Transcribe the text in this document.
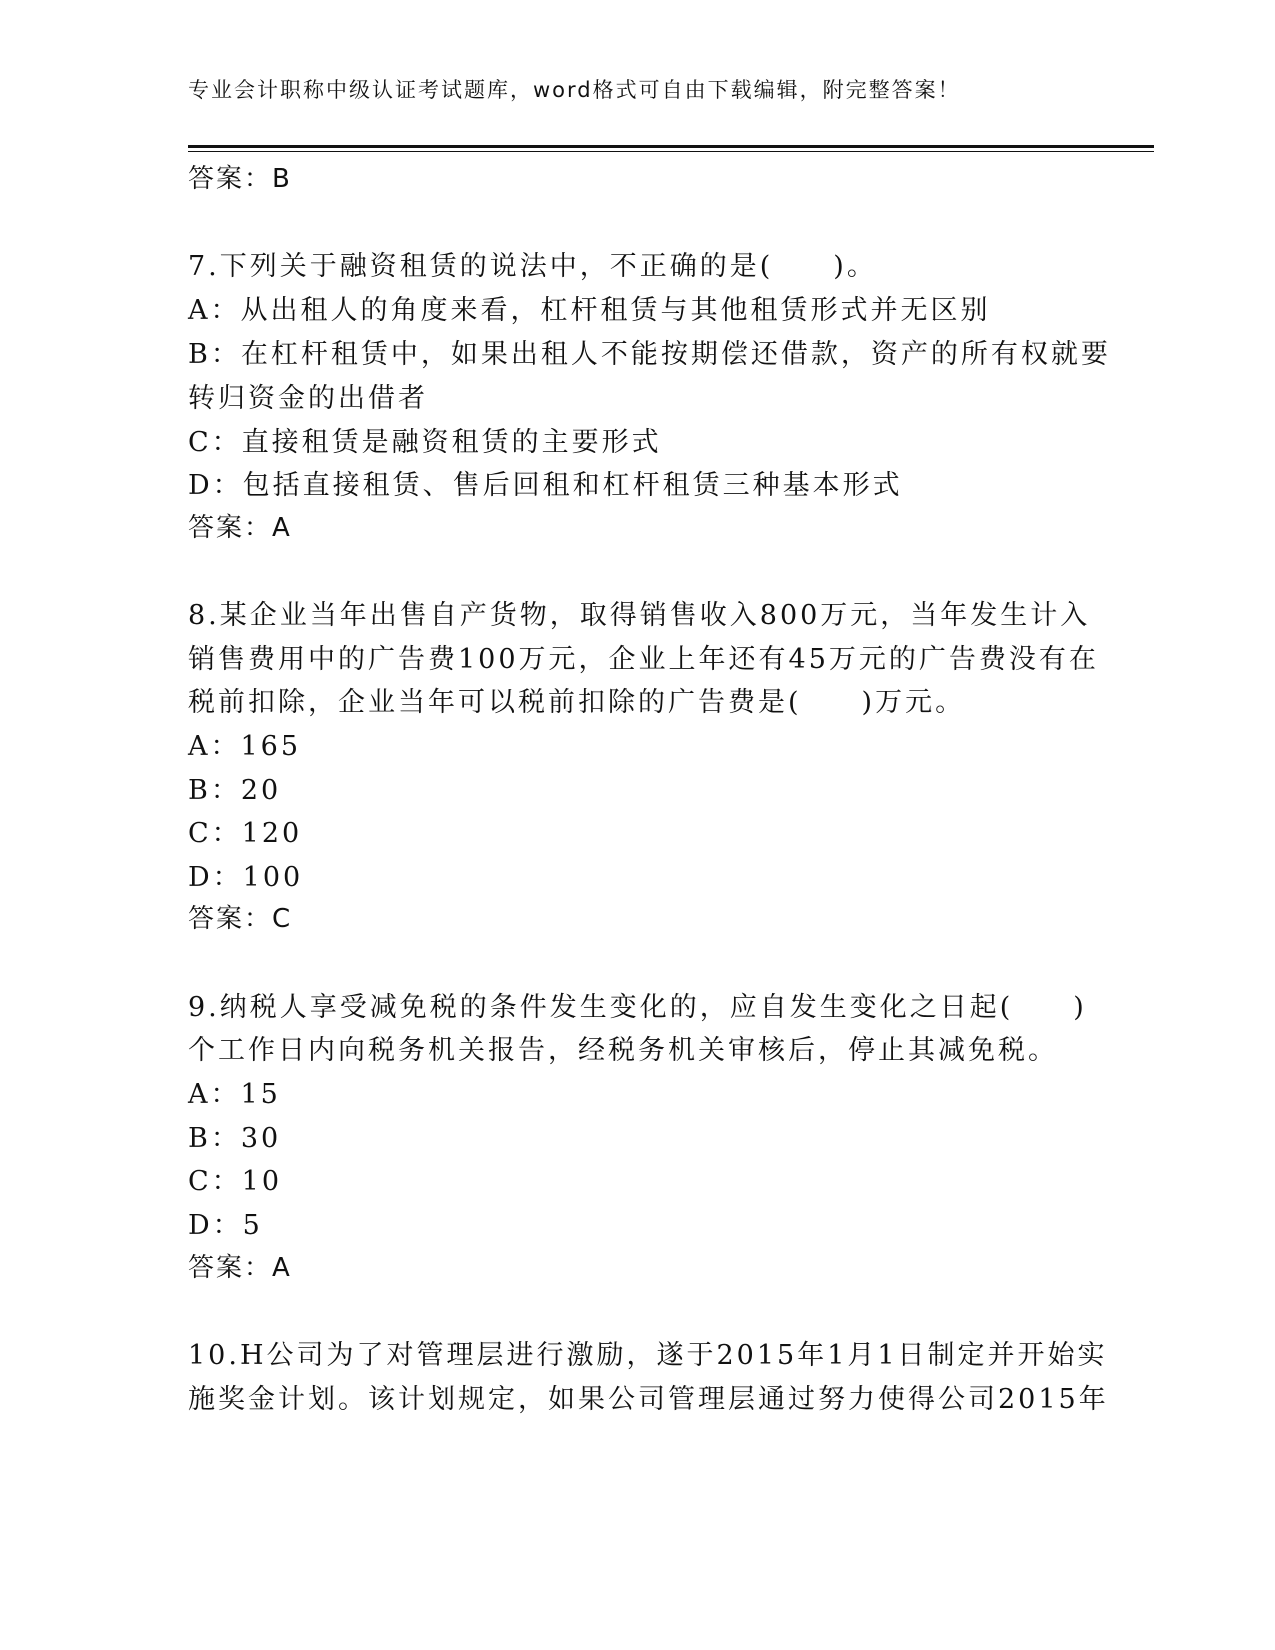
专业会计职称中级认证考试题库，word格式可自由下载编辑，附完整答案！
答案：B
7.下列关于融资租赁的说法中，不正确的是(　　)。
A：从出租人的角度来看，杠杆租赁与其他租赁形式并无区别
B：在杠杆租赁中，如果出租人不能按期偿还借款，资产的所有权就要
转归资金的出借者
C：直接租赁是融资租赁的主要形式
D：包括直接租赁、售后回租和杠杆租赁三种基本形式
答案：A
8.某企业当年出售自产货物，取得销售收入800万元，当年发生计入
销售费用中的广告费100万元，企业上年还有45万元的广告费没有在
税前扣除，企业当年可以税前扣除的广告费是(　　)万元。
A：165
B：20
C：120
D：100
答案：C
9.纳税人享受减免税的条件发生变化的，应自发生变化之日起(　　)
个工作日内向税务机关报告，经税务机关审核后，停止其减免税。
A：15
B：30
C：10
D：5
答案：A
10.H公司为了对管理层进行激励，遂于2015年1月1日制定并开始实
施奖金计划。该计划规定，如果公司管理层通过努力使得公司2015年
